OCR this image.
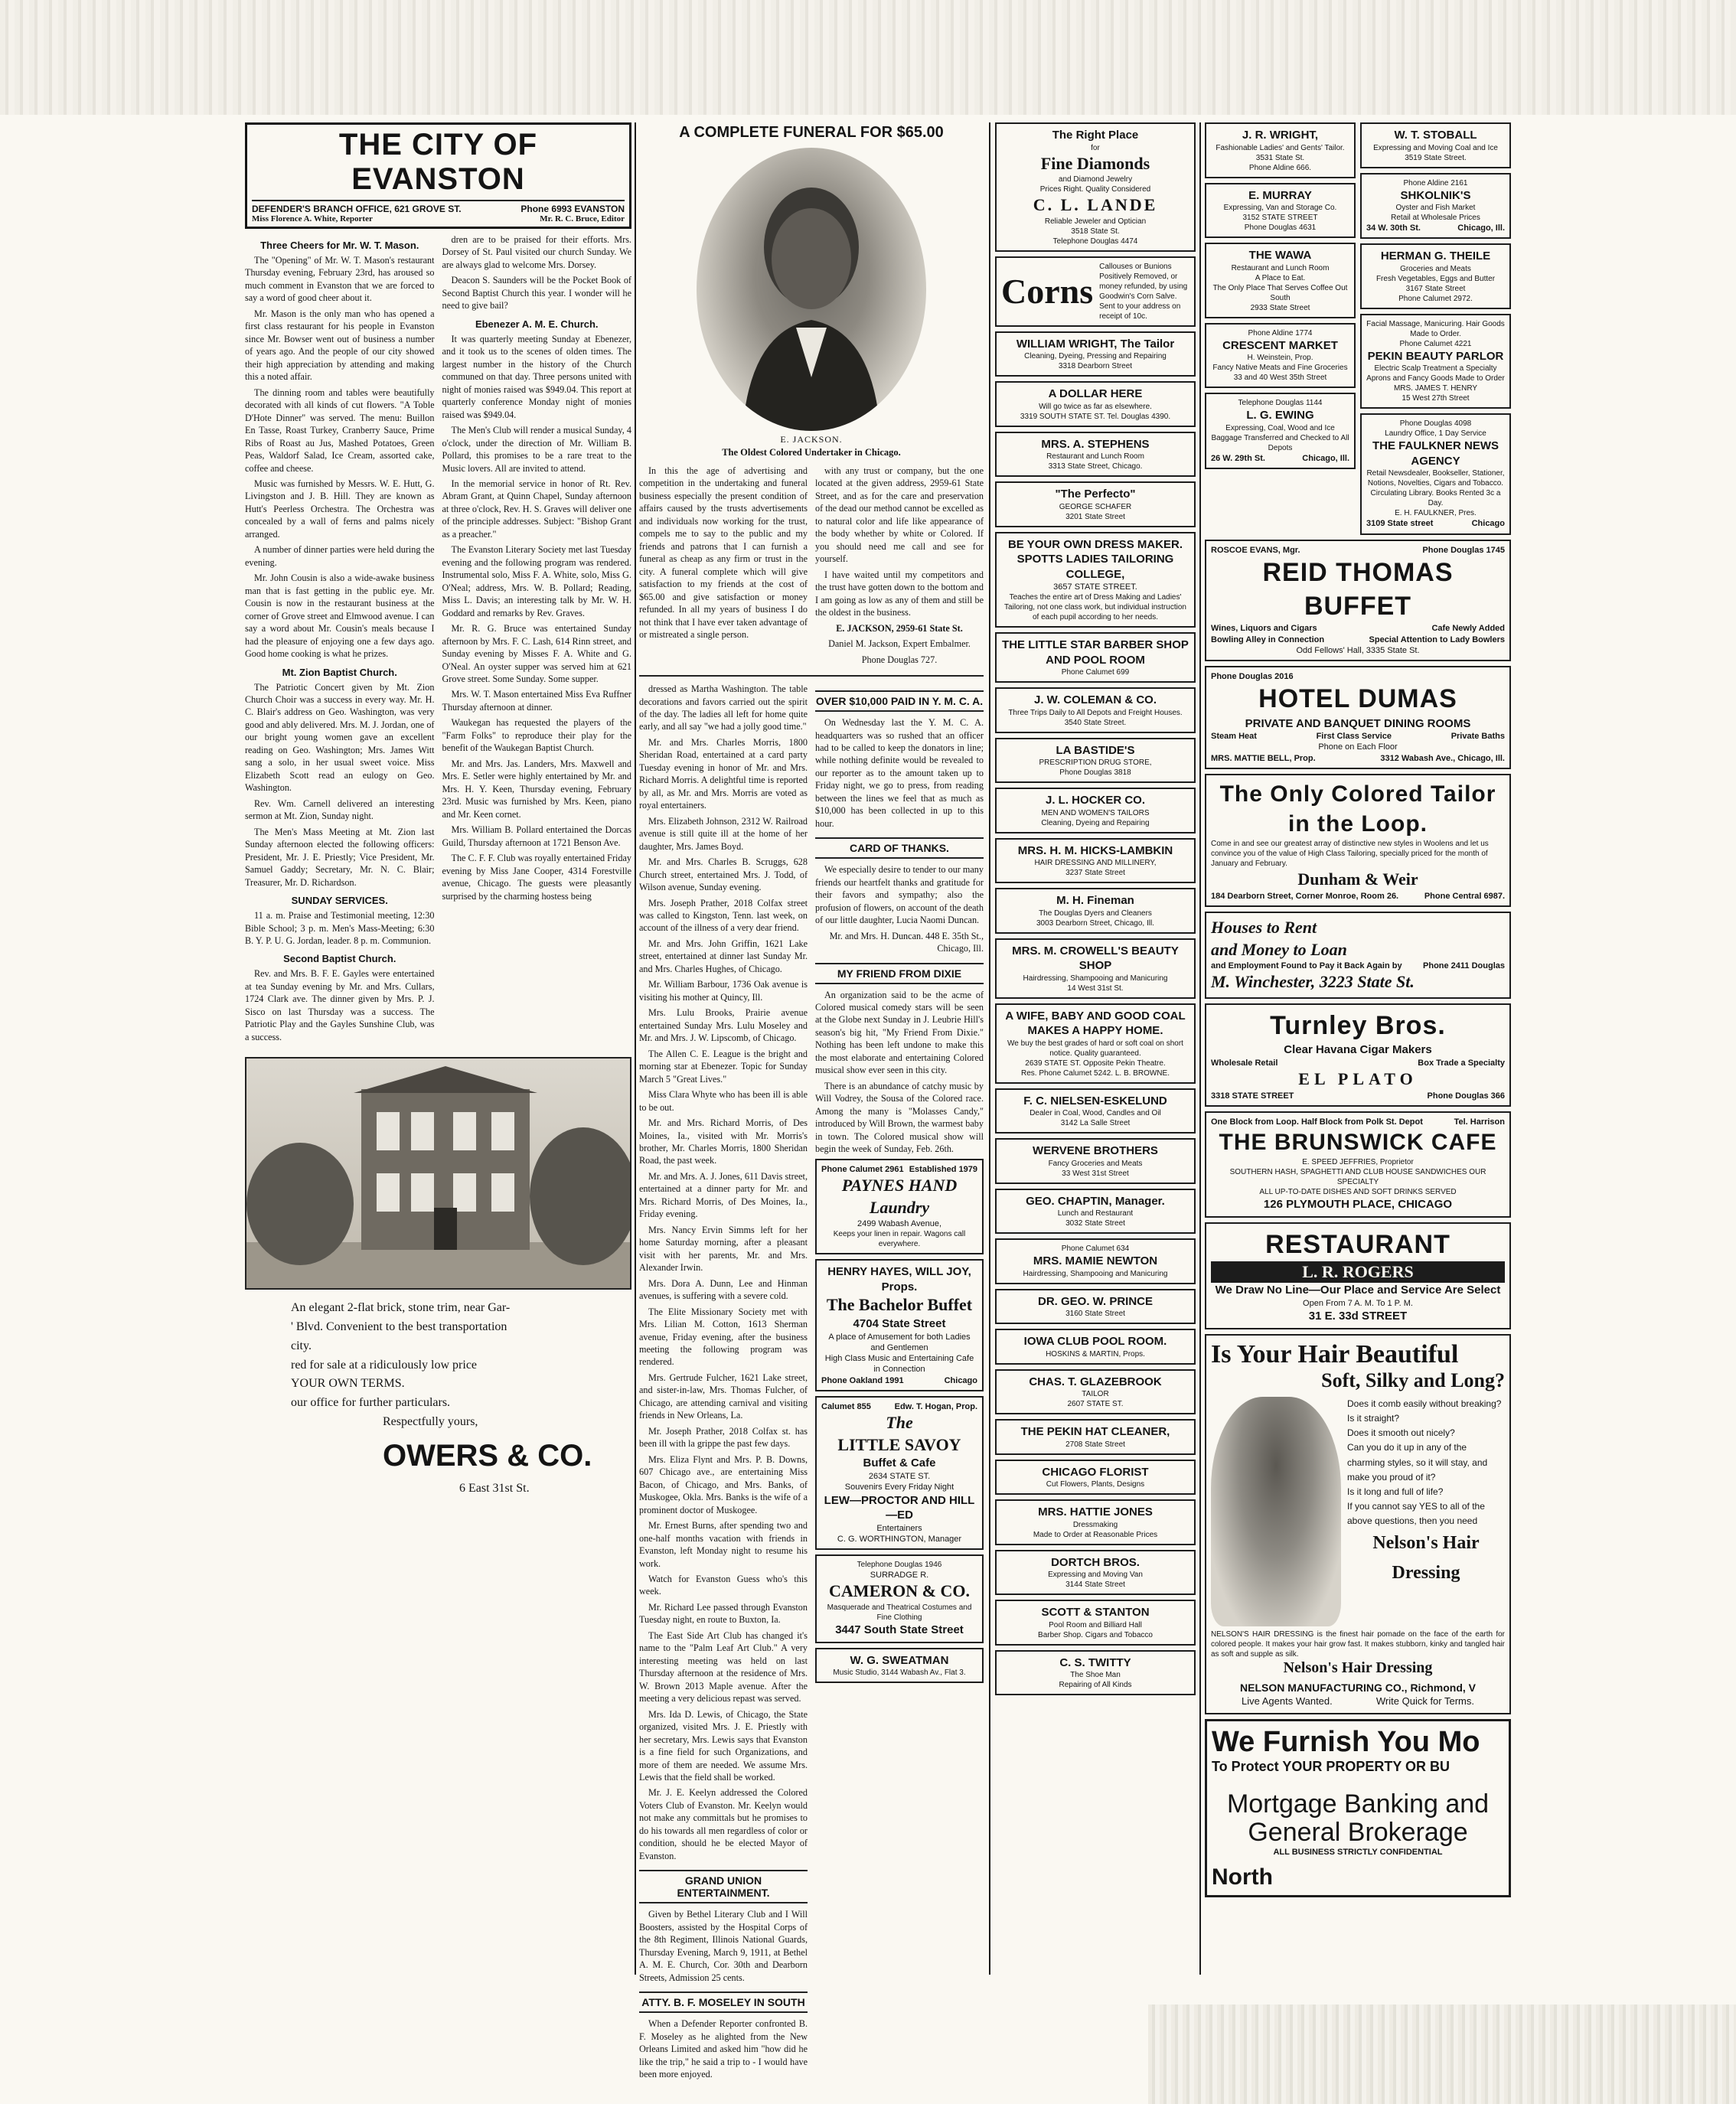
THE CITY OF EVANSTON
DEFENDER'S BRANCH OFFICE, 621 GROVE ST.	Phone 6993 EVANSTON
Miss Florence A. White, Reporter	Mr. R. C. Bruce, Editor
Three Cheers for Mr. W. T. Mason.

The "Opening" of Mr. W. T. Mason's restaurant Thursday evening, February 23rd, has aroused so much comment in Evanston that we are forced to say a word of good cheer about it.

Mr. Mason is the only man who has opened a first class restaurant for his people in Evanston since Mr. Bowser went out of business a number of years ago. And the people of our city showed their high appreciation by attending and making this a noted affair.

The dinning room and tables were beautifully decorated with all kinds of cut flowers. "A Toble D'Hote Dinner" was served. The menu: Buillon En Tasse, Roast Turkey, Cranberry Sauce, Prime Ribs of Roast au Jus, Mashed Potatoes, Green Peas, Waldorf Salad, Ice Cream, assorted cake, coffee and cheese.

Music was furnished by Messrs. W. E. Hutt, G. Livingston and J. B. Hill. They are known as Hutt's Peerless Orchestra. The Orchestra was concealed by a wall of ferns and palms nicely arranged.

A number of dinner parties were held during the evening.

Mr. John Cousin is also a wide-awake business man that is fast getting in the public eye. Mr. Cousin is now in the restaurant business at the corner of Grove street and Elmwood avenue. I can say a word about Mr. Cousin's meals because I had the pleasure of enjoying one a few days ago. Good home cooking is what he prizes.

Mt. Zion Baptist Church.

The Patriotic Concert given by Mt. Zion Church Choir was a success in every way. Mr. H. C. Blair's address on Geo. Washington, was very good and ably delivered. Mrs. M. J. Jordan, one of our bright young women gave an excellent reading on Geo. Washington; Mrs. James Witt sang a solo, in her usual sweet voice. Miss Elizabeth Scott read an eulogy on Geo. Washington.

Rev. Wm. Carnell delivered an interesting sermon at Mt. Zion, Sunday night.

The Men's Mass Meeting at Mt. Zion last Sunday afternoon elected the following officers: President, Mr. J. E. Priestly; Vice President, Mr. Samuel Gaddy; Secretary, Mr. N. C. Blair; Treasurer, Mr. D. Richardson.

SUNDAY SERVICES.

11 a. m. Praise and Testimonial meeting, 12:30 Bible School; 3 p. m. Men's Mass-Meeting; 6:30 B. Y. P. U. G. Jordan, leader. 8 p. m. Communion.

Second Baptist Church.

Rev. and Mrs. B. F. E. Gayles were entertained at tea Sunday evening by Mr. and Mrs. Cullars, 1724 Clark ave. The dinner given by Mrs. P. J. Sisco on last Thursday was a success. The Patriotic Play and the Gayles Sunshine Club, was a success.

dren are to be praised for their efforts. Mrs. Dorsey of St. Paul visited our church Sunday. We are always glad to welcome Mrs. Dorsey.

Deacon S. Saunders will be the Pocket Book of Second Baptist Church this year. I wonder will he need to give bail?

Ebenezer A. M. E. Church.

It was quarterly meeting Sunday at Ebenezer, and it took us to the scenes of olden times. The largest number in the history of the Church communed on that day. Three persons united with night of monies raised was $949.04. This report at quarterly conference Monday night of monies raised was $949.04.

The Men's Club will render a musical Sunday, 4 o'clock, under the direction of Mr. William B. Pollard, this promises to be a rare treat to the Music lovers. All are invited to attend.

In the memorial service in honor of Rt. Rev. Abram Grant, at Quinn Chapel, Sunday afternoon at three o'clock, Rev. H. S. Graves will deliver one of the principle addresses. Subject: "Bishop Grant as a preacher."

The Evanston Literary Society met last Tuesday evening and the following program was rendered. Instrumental solo, Miss F. A. White, solo, Miss G. O'Neal; address, Mrs. W. B. Pollard; Reading, Miss L. Davis; an interesting talk by Mr. W. H. Goddard and remarks by Rev. Graves.

Mr. R. G. Bruce was entertained Sunday afternoon by Mrs. F. C. Lash, 614 Rinn street, and Sunday evening by Misses F. A. White and G. O'Neal. An oyster supper was served him at 621 Grove street. Some Sunday. Some supper.

Mrs. W. T. Mason entertained Miss Eva Ruffner Thursday afternoon at dinner.

Waukegan has requested the players of the "Farm Folks" to reproduce their play for the benefit of the Waukegan Baptist Church.

Mr. and Mrs. Jas. Landers, Mrs. Maxwell and Mrs. E. Setler were highly entertained by Mr. and Mrs. H. Y. Keen, Thursday evening, February 23rd. Music was furnished by Mrs. Keen, piano and Mr. Keen cornet.

Mrs. William B. Pollard entertained the Dorcas Guild, Thursday afternoon at 1721 Benson Ave.

The C. F. F. Club was royally entertained Friday evening by Miss Jane Cooper, 4314 Forestville avenue, Chicago. The guests were pleasantly surprised by the charming hostess being

An elegant 2-flat brick, stone trim, near Gar-
' Blvd. Convenient to the best transportation
city.
red for sale at a ridiculously low price
YOUR OWN TERMS.
our office for further particulars.
Respectfully yours,
OWERS & CO.
6 East 31st St.
A COMPLETE FUNERAL FOR $65.00
E. JACKSON.
The Oldest Colored Undertaker in Chicago.

In this the age of advertising and competition in the undertaking and funeral business especially the present condition of affairs caused by the trusts advertisements and individuals now working for the trust, compels me to say to the public and my friends and patrons that I can furnish a funeral as cheap as any firm or trust in the city. A funeral complete which will give satisfaction to my friends at the cost of $65.00 and give satisfaction or money refunded. In all my years of business I do not think that I have ever taken advantage of or mistreated a single person.

with any trust or company, but the one located at the given address, 2959-61 State Street, and as for the care and preservation of the dead our method cannot be excelled as to natural color and life like appearance of the body whether by white or Colored. If you should need me call and see for yourself.

I have waited until my competitors and the trust have gotten down to the bottom and I am going as low as any of them and still be the oldest in the business.

E. JACKSON, 2959-61 State St.

Daniel M. Jackson, Expert Embalmer.

Phone Douglas 727.

dressed as Martha Washington. The table decorations and favors carried out the spirit of the day. The ladies all left for home quite early, and all say "we had a jolly good time."

Mr. and Mrs. Charles Morris, 1800 Sheridan Road, entertained at a card party Tuesday evening in honor of Mr. and Mrs. Richard Morris. A delightful time is reported by all, as Mr. and Mrs. Morris are voted as royal entertainers.

Mrs. Elizabeth Johnson, 2312 W. Railroad avenue is still quite ill at the home of her daughter, Mrs. James Boyd.

Mr. and Mrs. Charles B. Scruggs, 628 Church street, entertained Mrs. J. Todd, of Wilson avenue, Sunday evening.

Mrs. Joseph Prather, 2018 Colfax street was called to Kingston, Tenn. last week, on account of the illness of a very dear friend.

Mr. and Mrs. John Griffin, 1621 Lake street, entertained at dinner last Sunday Mr. and Mrs. Charles Hughes, of Chicago.

Mr. William Barbour, 1736 Oak avenue is visiting his mother at Quincy, Ill.

Mrs. Lulu Brooks, Prairie avenue entertained Sunday Mrs. Lulu Moseley and Mr. and Mrs. J. W. Lipscomb, of Chicago.

The Allen C. E. League is the bright and morning star at Ebenezer. Topic for Sunday March 5 "Great Lives."

Miss Clara Whyte who has been ill is able to be out.

Mr. and Mrs. Richard Morris, of Des Moines, Ia., visited with Mr. Morris's brother, Mr. Charles Morris, 1800 Sheridan Road, the past week.

Mr. and Mrs. A. J. Jones, 611 Davis street, entertained at a dinner party for Mr. and Mrs. Richard Morris, of Des Moines, Ia., Friday evening.

Mrs. Nancy Ervin Simms left for her home Saturday morning, after a pleasant visit with her parents, Mr. and Mrs. Alexander Irwin.

Mrs. Dora A. Dunn, Lee and Hinman avenues, is suffering with a severe cold.

The Elite Missionary Society met with Mrs. Lilian M. Cotton, 1613 Sherman avenue, Friday evening, after the business meeting the following program was rendered.

Mrs. Gertrude Fulcher, 1621 Lake street, and sister-in-law, Mrs. Thomas Fulcher, of Chicago, are attending carnival and visiting friends in New Orleans, La.

Mr. Joseph Prather, 2018 Colfax st. has been ill with la grippe the past few days.

Mrs. Eliza Flynt and Mrs. P. B. Downs, 607 Chicago ave., are entertaining Miss Bacon, of Chicago, and Mrs. Banks, of Muskogee, Okla. Mrs. Banks is the wife of a prominent doctor of Muskogee.

Mr. Ernest Burns, after spending two and one-half months vacation with friends in Evanston, left Monday night to resume his work.

Watch for Evanston Guess who's this week.

Mr. Richard Lee passed through Evanston Tuesday night, en route to Buxton, Ia.

The East Side Art Club has changed it's name to the "Palm Leaf Art Club." A very interesting meeting was held on last Thursday afternoon at the residence of Mrs. W. Brown 2013 Maple avenue. After the meeting a very delicious repast was served.

Mrs. Ida D. Lewis, of Chicago, the State organized, visited Mrs. J. E. Priestly with her secretary, Mrs. Lewis says that Evanston is a fine field for such Organizations, and more of them are needed. We assume Mrs. Lewis that the field shall be worked.

Mr. J. E. Keelyn addressed the Colored Voters Club of Evanston. Mr. Keelyn would not make any committals but he promises to do his towards all men regardless of color or condition, should he be elected Mayor of Evanston.

GRAND UNION ENTERTAINMENT.

Given by Bethel Literary Club and I Will Boosters, assisted by the Hospital Corps of the 8th Regiment, Illinois National Guards, Thursday Evening, March 9, 1911, at Bethel A. M. E. Church, Cor. 30th and Dearborn Streets, Admission 25 cents.

ATTY. B. F. MOSELEY IN SOUTH

When a Defender Reporter confronted B. F. Moseley as he alighted from the New Orleans Limited and asked him "how did he like the trip," he said a trip to - I would have been more enjoyed.

OVER $10,000 PAID IN Y. M. C. A.

On Wednesday last the Y. M. C. A. headquarters was so rushed that an officer had to be called to keep the donators in line; while nothing definite would be revealed to our reporter as to the amount taken up to Friday night, we go to press, from reading between the lines we feel that as much as $10,000 has been collected in up to this hour.

CARD OF THANKS.

We especially desire to tender to our many friends our heartfelt thanks and gratitude for their favors and sympathy; also the profusion of flowers, on account of the death of our little daughter, Lucia Naomi Duncan.

Mr. and Mrs. H. Duncan. 448 E. 35th St., Chicago, Ill.

MY FRIEND FROM DIXIE

An organization said to be the acme of Colored musical comedy stars will be seen at the Globe next Sunday in J. Leubrie Hill's season's big hit, "My Friend From Dixie." Nothing has been left undone to make this the most elaborate and entertaining Colored musical show ever seen in this city.

There is an abundance of catchy music by Will Vodrey, the Sousa of the Colored race. Among the many is "Molasses Candy," introduced by Will Brown, the warmest baby in town. The Colored musical show will begin the week of Sunday, Feb. 26th.

Phone Calumet 2961 Established 1979
PAYNES HAND Laundry
2499 Wabash Avenue,
Keeps your linen in repair. Wagons call everywhere.
HENRY HAYES, WILL JOY, Props.
The Bachelor Buffet
4704 State Street
A place of Amusement for both Ladies and Gentlemen
High Class Music and Entertaining Cafe in Connection
Phone Oakland 1991	Chicago
Calumet 855	Edw. T. Hogan, Prop.
The
LITTLE SAVOY
Buffet & Cafe
2634 STATE ST.
Souvenirs Every Friday Night
LEW—PROCTOR AND HILL—ED
Entertainers
C. G. WORTHINGTON, Manager
Telephone Douglas 1946
SURRADGE R.
CAMERON & CO.
Masquerade and Theatrical Costumes and Fine Clothing
3447 South State Street
W. G. SWEATMAN
Music Studio, 3144 Wabash Av., Flat 3.
The Right Place
for
Fine Diamonds
and Diamond Jewelry
Prices Right. Quality Considered
C. L. LANDE
Reliable Jeweler and Optician
3518 State St.
Telephone Douglas 4474
Corns
Callouses or Bunions Positively Removed, or money refunded, by using Goodwin's Corn Salve. Sent to your address on receipt of 10c.
WILLIAM WRIGHT, The Tailor
Cleaning, Dyeing, Pressing and Repairing
3318 Dearborn Street
A DOLLAR HERE
Will go twice as far as elsewhere.
3319 SOUTH STATE ST. Tel. Douglas 4390.
MRS. A. STEPHENS
Restaurant and Lunch Room
3313 State Street, Chicago.
"The Perfecto"
GEORGE SCHAFER
3201 State Street
BE YOUR OWN DRESS MAKER.
SPOTTS LADIES TAILORING COLLEGE,
3657 STATE STREET.
Teaches the entire art of Dress Making and Ladies' Tailoring, not one class work, but individual instruction of each pupil according to her needs.
THE LITTLE STAR BARBER SHOP AND POOL ROOM
Phone Calumet 699
J. W. COLEMAN & CO.
Three Trips Daily to All Depots and Freight Houses.
3540 State Street.
LA BASTIDE'S
PRESCRIPTION DRUG STORE,
Phone Douglas 3818
J. L. HOCKER CO.
MEN AND WOMEN'S TAILORS
Cleaning, Dyeing and Repairing
MRS. H. M. HICKS-LAMBKIN
HAIR DRESSING AND MILLINERY,
3237 State Street
M. H. Fineman
The Douglas Dyers and Cleaners
3003 Dearborn Street, Chicago, Ill.
MRS. M. CROWELL'S BEAUTY SHOP
Hairdressing, Shampooing and Manicuring
14 West 31st St.
A WIFE, BABY AND GOOD COAL MAKES A HAPPY HOME.
We buy the best grades of hard or soft coal on short notice. Quality guaranteed.
2639 STATE ST. Opposite Pekin Theatre.
Res. Phone Calumet 5242. L. B. BROWNE.
F. C. NIELSEN-ESKELUND
Dealer in Coal, Wood, Candles and Oil
3142 La Salle Street
WERVENE BROTHERS
Fancy Groceries and Meats
33 West 31st Street
GEO. CHAPTIN, Manager.
Lunch and Restaurant
3032 State Street
Phone Calumet 634
MRS. MAMIE NEWTON
Hairdressing, Shampooing and Manicuring
DR. GEO. W. PRINCE
3160 State Street
IOWA CLUB POOL ROOM.
HOSKINS & MARTIN, Props.
CHAS. T. GLAZEBROOK
TAILOR
2607 STATE ST.
THE PEKIN HAT CLEANER,
2708 State Street
CHICAGO FLORIST
Cut Flowers, Plants, Designs
MRS. HATTIE JONES
Dressmaking
Made to Order at Reasonable Prices
DORTCH BROS.
Expressing and Moving Van
3144 State Street
SCOTT & STANTON
Pool Room and Billiard Hall
Barber Shop. Cigars and Tobacco
C. S. TWITTY
The Shoe Man
Repairing of All Kinds
J. R. WRIGHT,
Fashionable Ladies' and Gents' Tailor.
3531 State St.
Phone Aldine 666.
E. MURRAY
Expressing, Van and Storage Co.
3152 STATE STREET
Phone Douglas 4631
THE WAWA
Restaurant and Lunch Room
A Place to Eat.
The Only Place That Serves Coffee Out South
2933 State Street
Phone Aldine 1774
CRESCENT MARKET
H. Weinstein, Prop.
Fancy Native Meats and Fine Groceries
33 and 40 West 35th Street
Telephone Douglas 1144
L. G. EWING
Expressing, Coal, Wood and Ice
Baggage Transferred and Checked to All Depots
26 W. 29th St.	Chicago, Ill.
W. T. STOBALL
Expressing and Moving Coal and Ice
3519 State Street.
Phone Aldine 2161
SHKOLNIK'S
Oyster and Fish Market
Retail at Wholesale Prices
34 W. 30th St.	Chicago, Ill.
HERMAN G. THEILE
Groceries and Meats
Fresh Vegetables, Eggs and Butter
3167 State Street
Phone Calumet 2972.
Facial Massage, Manicuring. Hair Goods Made to Order.
Phone Calumet 4221
PEKIN BEAUTY PARLOR
Electric Scalp Treatment a Specialty
Aprons and Fancy Goods Made to Order
MRS. JAMES T. HENRY
15 West 27th Street
Phone Douglas 4098
Laundry Office, 1 Day Service
THE FAULKNER NEWS AGENCY
Retail Newsdealer, Bookseller, Stationer, Notions, Novelties, Cigars and Tobacco. Circulating Library. Books Rented 3c a Day.
E. H. FAULKNER, Pres.
3109 State street	Chicago
ROSCOE EVANS, Mgr.	Phone Douglas 1745
REID THOMAS BUFFET
Wines, Liquors and Cigars	Cafe Newly Added
Bowling Alley in Connection	Special Attention to Lady Bowlers
Odd Fellows' Hall, 3335 State St.
Phone Douglas 2016
HOTEL DUMAS
PRIVATE AND BANQUET DINING ROOMS
Steam Heat	First Class Service	Private Baths
Phone on Each Floor
MRS. MATTIE BELL, Prop.	3312 Wabash Ave., Chicago, Ill.
The Only Colored Tailor in the Loop.
Come in and see our greatest array of distinctive new styles in Woolens and let us convince you of the value of High Class Tailoring, specially priced for the month of January and February.
Dunham & Weir
184 Dearborn Street, Corner Monroe, Room 26.	Phone Central 6987.
Houses to Rent
and Money to Loan
and Employment Found to Pay it Back Again by Phone 2411 Douglas
M. Winchester, 3223 State St.
Turnley Bros.
Clear Havana Cigar Makers
Wholesale Retail	Box Trade a Specialty
EL PLATO
3318 STATE STREET	Phone Douglas 366
One Block from Loop. Half Block from Polk St. Depot	Tel. Harrison
THE BRUNSWICK CAFE
E. SPEED JEFFRIES, Proprietor
SOUTHERN HASH, SPAGHETTI AND CLUB HOUSE SANDWICHES OUR SPECIALTY
ALL UP-TO-DATE DISHES AND SOFT DRINKS SERVED
126 PLYMOUTH PLACE, CHICAGO
RESTAURANT
L. R. ROGERS
We Draw No Line—Our Place and Service Are Select
Open From 7 A. M. To 1 P. M.
31 E. 33d STREET
Is Your Hair Beautiful
Soft, Silky and Long?
Does it comb easily without breaking?
Is it straight?
Does it smooth out nicely?
Can you do it up in any of the charming styles, so it will stay, and make you proud of it?
Is it long and full of life?
If you cannot say YES to all of the above questions, then you need
Nelson's Hair Dressing
NELSON'S HAIR DRESSING is the finest hair pomade on the face of the earth for colored people. It makes your hair grow fast. It makes stubborn, kinky and tangled hair as soft and supple as silk.
Nelson's Hair Dressing
NELSON MANUFACTURING CO., Richmond, V
Live Agents Wanted.	Write Quick for Terms.
We Furnish You Mo
To Protect YOUR PROPERTY OR BU
Mortgage Banking and
General Brokerage
ALL BUSINESS STRICTLY CONFIDENTIAL
North
